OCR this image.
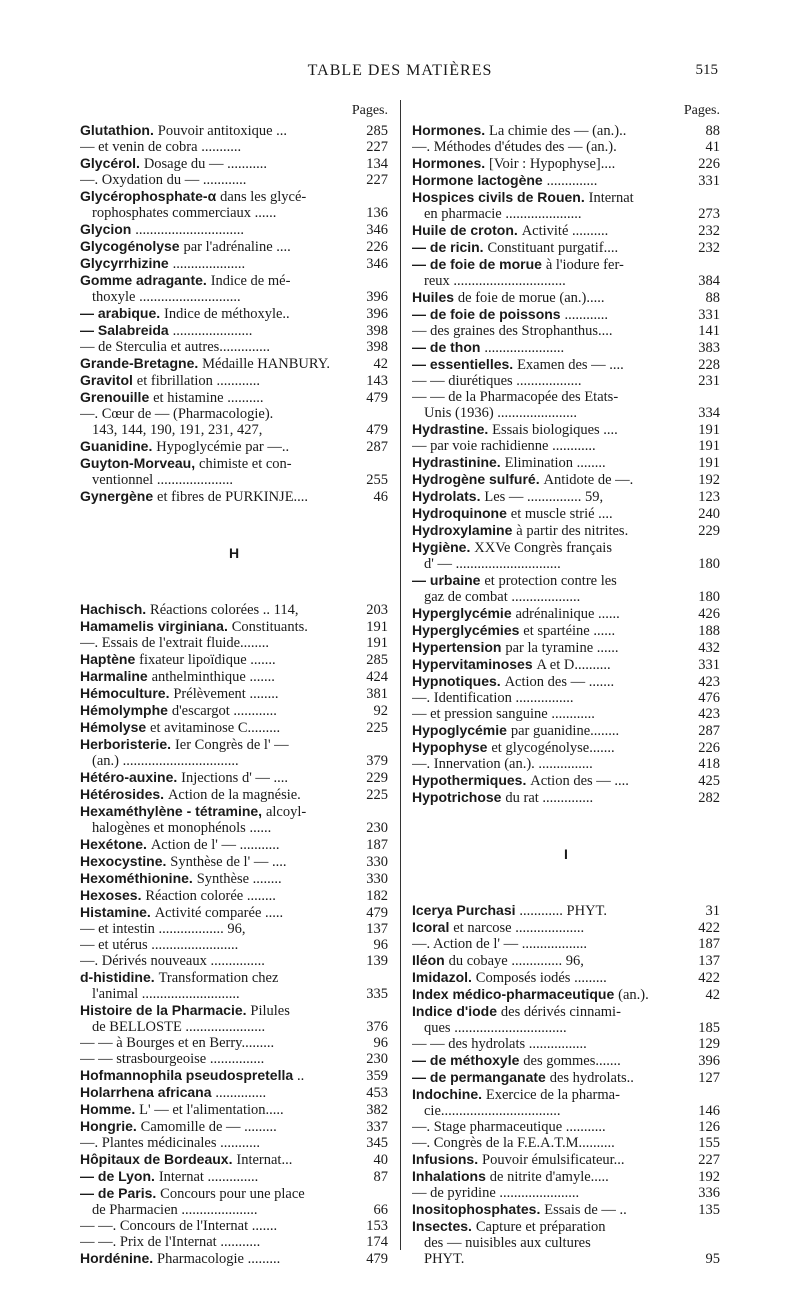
TABLE DES MATIÈRES	515
Pages.
Glutathion. Pouvoir antitoxique ...	285
— et venin de cobra ...........	227
Glycérol. Dosage du — ...........	134
—. Oxydation du — ............	227
Glycérophosphate-α dans les glycé-
rophosphates commerciaux ......	136
Glycion ..............................	346
Glycogénolyse par l'adrénaline ....	226
Glycyrrhizine ....................	346
Gomme adragante. Indice de mé-
thoxyle ............................	396
— arabique. Indice de méthoxyle..	396
— Salabreida ......................	398
— de Sterculia et autres..............	398
Grande-Bretagne. Médaille HANBURY.	42
Gravitol et fibrillation ............	143
Grenouille et histamine ..........	479
—. Cœur de — (Pharmacologie).
143, 144, 190, 191, 231, 427,	479
Guanidine. Hypoglycémie par —..	287
Guyton-Morveau, chimiste et con-
ventionnel .....................	255
Gynergène et fibres de PURKINJE....	46
H
Hachisch. Réactions colorées .. 114,	203
Hamamelis virginiana. Constituants.	191
—. Essais de l'extrait fluide........	191
Haptène fixateur lipoïdique .......	285
Harmaline anthelminthique .......	424
Hémoculture. Prélèvement ........	381
Hémolymphe d'escargot ............	92
Hémolyse et avitaminose C.........	225
Herboristerie. Ier Congrès de l' —
(an.) ................................	379
Hétéro-auxine. Injections d' — ....	229
Hétérosides. Action de la magnésie.	225
Hexaméthylène - tétramine, alcoyl-
halogènes et monophénols ......	230
Hexétone. Action de l' — ...........	187
Hexocystine. Synthèse de l' — ....	330
Hexométhionine. Synthèse ........	330
Hexoses. Réaction colorée ........	182
Histamine. Activité comparée .....	479
— et intestin .................. 96,	137
— et utérus ........................	96
—. Dérivés nouveaux ...............	139
d-histidine. Transformation chez
l'animal ...........................	335
Histoire de la Pharmacie. Pilules
de BELLOSTE ......................	376
— — à Bourges et en Berry.........	96
— — strasbourgeoise ...............	230
Hofmannophila pseudospretella ..	359
Holarrhena africana ..............	453
Homme. L' — et l'alimentation.....	382
Hongrie. Camomille de — .........	337
—. Plantes médicinales ...........	345
Hôpitaux de Bordeaux. Internat...	40
— de Lyon. Internat ..............	87
— de Paris. Concours pour une place
de Pharmacien .....................	66
— —. Concours de l'Internat .......	153
— —. Prix de l'Internat ...........	174
Hordénine. Pharmacologie .........	479
Pages.
Hormones. La chimie des — (an.)..	88
—. Méthodes d'études des — (an.).	41
Hormones. [Voir : Hypophyse]....	226
Hormone lactogène ..............	331
Hospices civils de Rouen. Internat
en pharmacie .....................	273
Huile de croton. Activité ..........	232
— de ricin. Constituant purgatif....	232
— de foie de morue à l'iodure fer-
reux ...............................	384
Huiles de foie de morue (an.).....	88
— de foie de poissons ............	331
— des graines des Strophanthus....	141
— de thon ......................	383
— essentielles. Examen des — ....	228
— — diurétiques ..................	231
— — de la Pharmacopée des Etats-
Unis (1936) ......................	334
Hydrastine. Essais biologiques ....	191
— par voie rachidienne ............	191
Hydrastinine. Elimination ........	191
Hydrogène sulfuré. Antidote de —.	192
Hydrolats. Les — ............... 59,	123
Hydroquinone et muscle strié ....	240
Hydroxylamine à partir des nitrites.	229
Hygiène. XXVe Congrès français
d' — .............................	180
— urbaine et protection contre les
gaz de combat ...................	180
Hyperglycémie adrénalinique ......	426
Hyperglycémies et spartéine ......	188
Hypertension par la tyramine ......	432
Hypervitaminoses A et D..........	331
Hypnotiques. Action des — .......	423
—. Identification ................	476
— et pression sanguine ............	423
Hypoglycémie par guanidine........	287
Hypophyse et glycogénolyse.......	226
—. Innervation (an.). ...............	418
Hypothermiques. Action des — ....	425
Hypotrichose du rat ..............	282
I
Icerya Purchasi ............ PHYT.	31
Icoral et narcose ...................	422
—. Action de l' — ..................	187
Iléon du cobaye .............. 96,	137
Imidazol. Composés iodés .........	422
Index médico-pharmaceutique (an.).	42
Indice d'iode des dérivés cinnami-
ques ...............................	185
— — des hydrolats ................	129
— de méthoxyle des gommes.......	396
— de permanganate des hydrolats..	127
Indochine. Exercice de la pharma-
cie.................................	146
—. Stage pharmaceutique ...........	126
—. Congrès de la F.E.A.T.M..........	155
Infusions. Pouvoir émulsificateur...	227
Inhalations de nitrite d'amyle.....	192
— de pyridine ......................	336
Inositophosphates. Essais de — ..	135
Insectes. Capture et préparation
des — nuisibles aux cultures
PHYT.	95
